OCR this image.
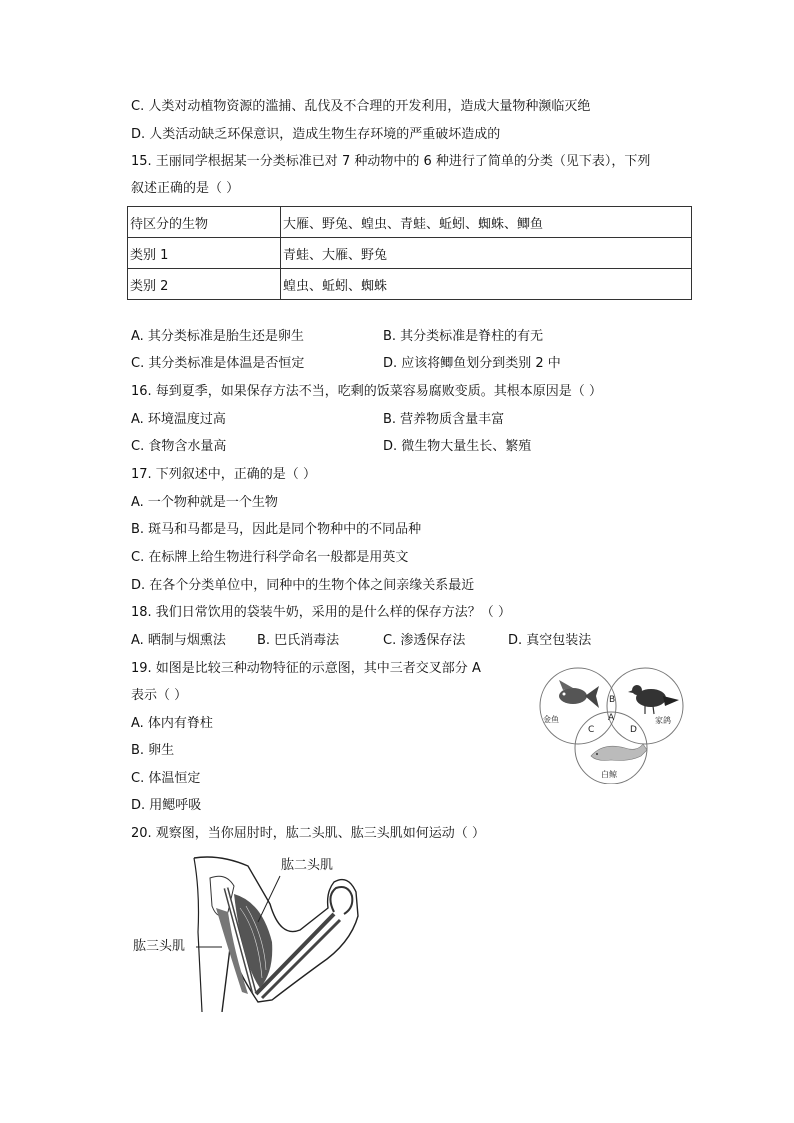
C. 人类对动植物资源的滥捕、乱伐及不合理的开发利用，造成大量物种濒临灭绝
D. 人类活动缺乏环保意识，造成生物生存环境的严重破坏造成的
15. 王丽同学根据某一分类标准已对 7 种动物中的 6 种进行了简单的分类（见下表），下列
叙述正确的是（ ）
待区分的生物	大雁、野兔、蝗虫、青蛙、蚯蚓、蜘蛛、鲫鱼
类别 1	青蛙、大雁、野兔
类别 2	蝗虫、蚯蚓、蜘蛛
A. 其分类标准是胎生还是卵生	B. 其分类标准是脊柱的有无
C. 其分类标准是体温是否恒定	D. 应该将鲫鱼划分到类别 2 中
16. 每到夏季，如果保存方法不当，吃剩的饭菜容易腐败变质。其根本原因是（ ）
A. 环境温度过高	B. 营养物质含量丰富
C. 食物含水量高	D. 微生物大量生长、繁殖
17. 下列叙述中，正确的是（ ）
A. 一个物种就是一个生物
B. 斑马和马都是马，因此是同个物种中的不同品种
C. 在标牌上给生物进行科学命名一般都是用英文
D. 在各个分类单位中，同种中的生物个体之间亲缘关系最近
18. 我们日常饮用的袋装牛奶，采用的是什么样的保存方法？（ ）
A. 晒制与烟熏法 B. 巴氏消毒法	C. 渗透保存法	D. 真空包装法
19. 如图是比较三种动物特征的示意图，其中三者交叉部分 A
表示（ ）
A. 体内有脊柱
B. 卵生
C. 体温恒定
D. 用鳃呼吸
金鱼	家鸽
白鲸
A
B
C	D
20. 观察图，当你屈肘时，肱二头肌、肱三头肌如何运动（ ）
肱二头肌
肱三头肌
